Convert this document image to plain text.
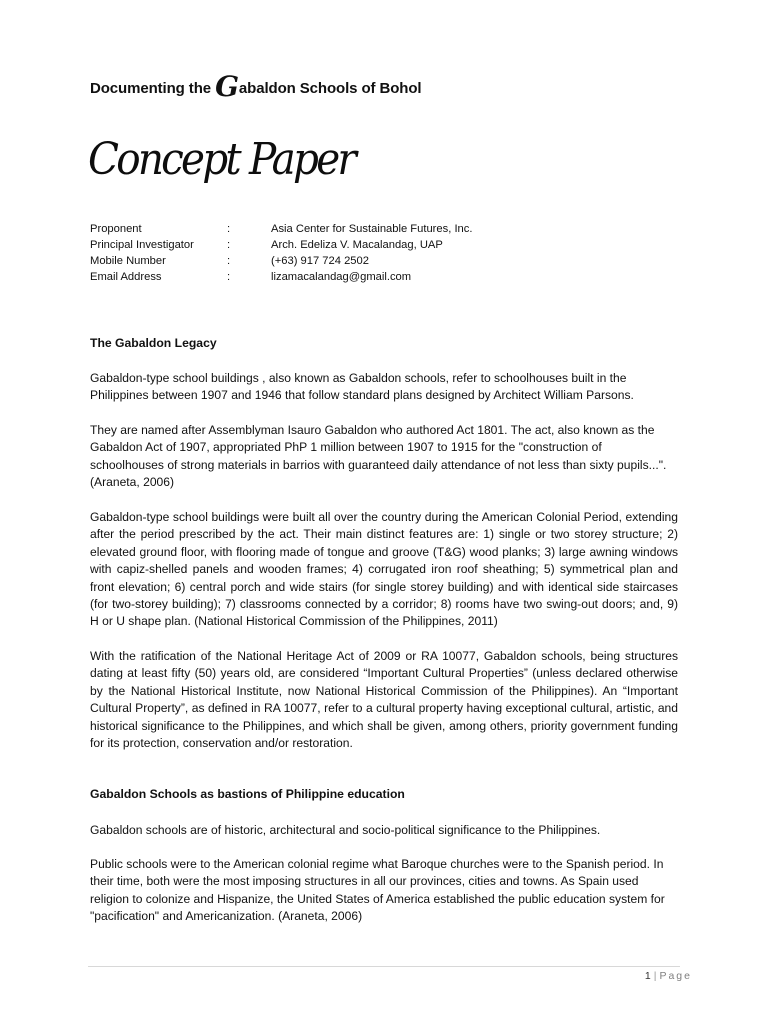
Documenting the Gabaldon Schools of Bohol
Concept Paper
Proponent	:	Asia Center for Sustainable Futures, Inc.
Principal Investigator	:	Arch. Edeliza V. Macalandag, UAP
Mobile Number	:	(+63) 917 724 2502
Email Address	:	lizamacalandag@gmail.com
The Gabaldon Legacy

Gabaldon-type school buildings , also known as Gabaldon schools, refer to schoolhouses built in the Philippines between 1907 and 1946 that follow standard plans designed by Architect William Parsons.

They are named after Assemblyman Isauro Gabaldon who authored Act 1801. The act, also known as the Gabaldon Act of 1907, appropriated PhP 1 million between 1907 to 1915 for the "construction of schoolhouses of strong materials in barrios with guaranteed daily attendance of not less than sixty pupils...". (Araneta, 2006)

Gabaldon-type school buildings were built all over the country during the American Colonial Period, extending after the period prescribed by the act. Their main distinct features are: 1) single or two storey structure; 2) elevated ground floor, with flooring made of tongue and groove (T&G) wood planks; 3) large awning windows with capiz-shelled panels and wooden frames; 4) corrugated iron roof sheathing; 5) symmetrical plan and front elevation; 6) central porch and wide stairs (for single storey building) and with identical side staircases (for two-storey building); 7) classrooms connected by a corridor; 8) rooms have two swing-out doors; and, 9) H or U shape plan. (National Historical Commission of the Philippines, 2011)

With the ratification of the National Heritage Act of 2009 or RA 10077, Gabaldon schools, being structures dating at least fifty (50) years old, are considered “Important Cultural Properties” (unless declared otherwise by the National Historical Institute, now National Historical Commission of the Philippines). An “Important Cultural Property”, as defined in RA 10077, refer to a cultural property having exceptional cultural, artistic, and historical significance to the Philippines, and which shall be given, among others, priority government funding for its protection, conservation and/or restoration.

Gabaldon Schools as bastions of Philippine education

Gabaldon schools are of historic, architectural and socio-political significance to the Philippines.

Public schools were to the American colonial regime what Baroque churches were to the Spanish period. In their time, both were the most imposing structures in all our provinces, cities and towns. As Spain used religion to colonize and Hispanize, the United States of America established the public education system for "pacification" and Americanization. (Araneta, 2006)

1 | Page
